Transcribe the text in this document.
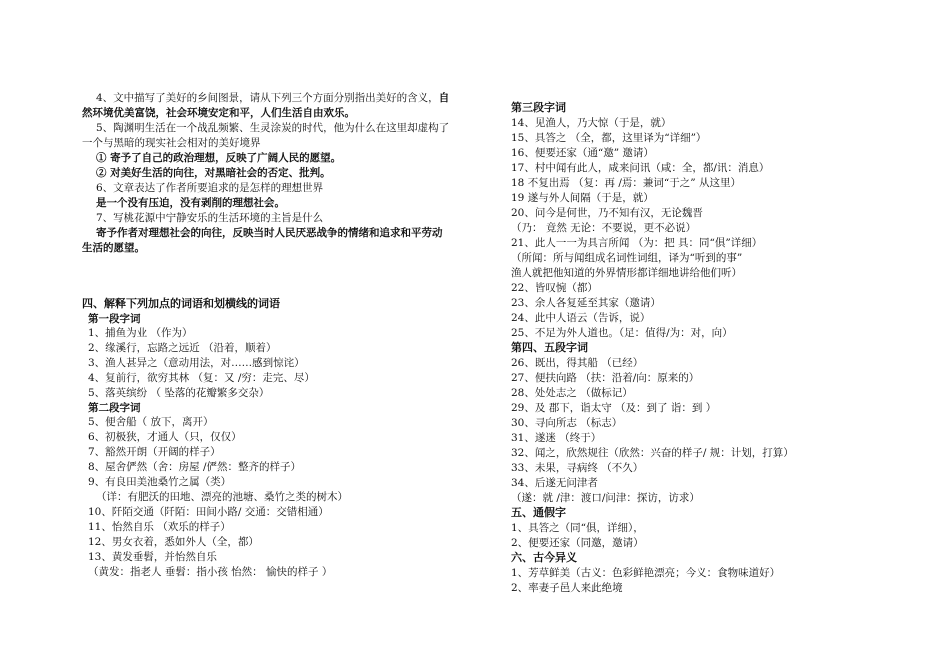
4、文中描写了美好的乡间图景，请从下列三个方面分别指出美好的含义，自
然环境优美富饶，社会环境安定和平，人们生活自由欢乐。
5、陶渊明生活在一个战乱频繁、生灵涂炭的时代，他为什么在这里却虚构了
一个与黑暗的现实社会相对的美好境界
① 寄予了自己的政治理想，反映了广阔人民的愿望。
② 对美好生活的向往，对黑暗社会的否定、批判。
6、文章表达了作者所要追求的是怎样的理想世界
是一个没有压迫，没有剥削的理想社会。
7、写桃花源中宁静安乐的生活环境的主旨是什么
寄予作者对理想社会的向往，反映当时人民厌恶战争的情绪和追求和平劳动
生活的愿望。
四、解释下列加点的词语和划横线的词语
第一段字词
1、捕鱼为业 （作为）
2、缘溪行，忘路之远近 （沿着，顺着）
3、渔人甚异之（意动用法，对……感到惊诧）
4、复前行，欲穷其林 （复：又 /穷：走完、尽）
5、落英缤纷 （ 坠落的花瓣繁多交杂）
第二段字词
5、便舍船（ 放下，离开）
6、初极狭，才通人（只，仅仅）
7、豁然开朗（开阔的样子）
8、屋舍俨然（舍：房屋 /俨然：整齐的样子）
9、有良田美池桑竹之属（类）
（详：有肥沃的田地、漂亮的池塘、桑竹之类的树木）
10、阡陌交通（阡陌：田间小路/ 交通：交错相通）
11、怡然自乐 （欢乐的样子）
12、男女衣着，悉如外人（全，都）
13、黄发垂髫，并怡然自乐
（黄发：指老人 垂髫：指小孩 怡然： 愉快的样子 ）
第三段字词
14、见渔人，乃大惊（于是，就）
15、具答之 （全，都，这里译为“详细”）
16、便要还家（通“邀” 邀请）
17、村中闻有此人，咸来问讯（咸：全，都/讯：消息）
18 不复出焉 （复：再 /焉：兼词“于之” 从这里）
19 遂与外人间隔（于是，就）
20、问今是何世，乃不知有汉，无论魏晋
（乃： 竟然 无论：不要说，更不必说）
21、此人一一为具言所闻 （为：把 具：同“俱”详细）
（所闻：所与闻组成名词性词组，译为“听到的事”
渔人就把他知道的外界情形都详细地讲给他们听）
22、皆叹惋（都）
23、余人各复延至其家（邀请）
24、此中人语云（告诉，说）
25、不足为外人道也。（足：值得/为：对，向）
第四、五段字词
26、既出，得其船 （已经）
27、便扶向路 （扶：沿着/向：原来的）
28、处处志之 （做标记）
29、及 郡下，诣太守 （及：到了 诣：到 ）
30、寻向所志 （标志）
31、遂迷 （终于）
32、闻之，欣然规往（欣然：兴奋的样子/ 规：计划，打算）
33、未果，寻病终 （不久）
34、后遂无问津者
（遂：就 /津：渡口/问津：探访，访求）
五、通假字
1、具答之（同“俱，详细），
2、便要还家（同邀，邀请）
六、古今异义
1、芳草鲜美（古义：色彩鲜艳漂亮；今义：食物味道好）
2、率妻子邑人来此绝境
